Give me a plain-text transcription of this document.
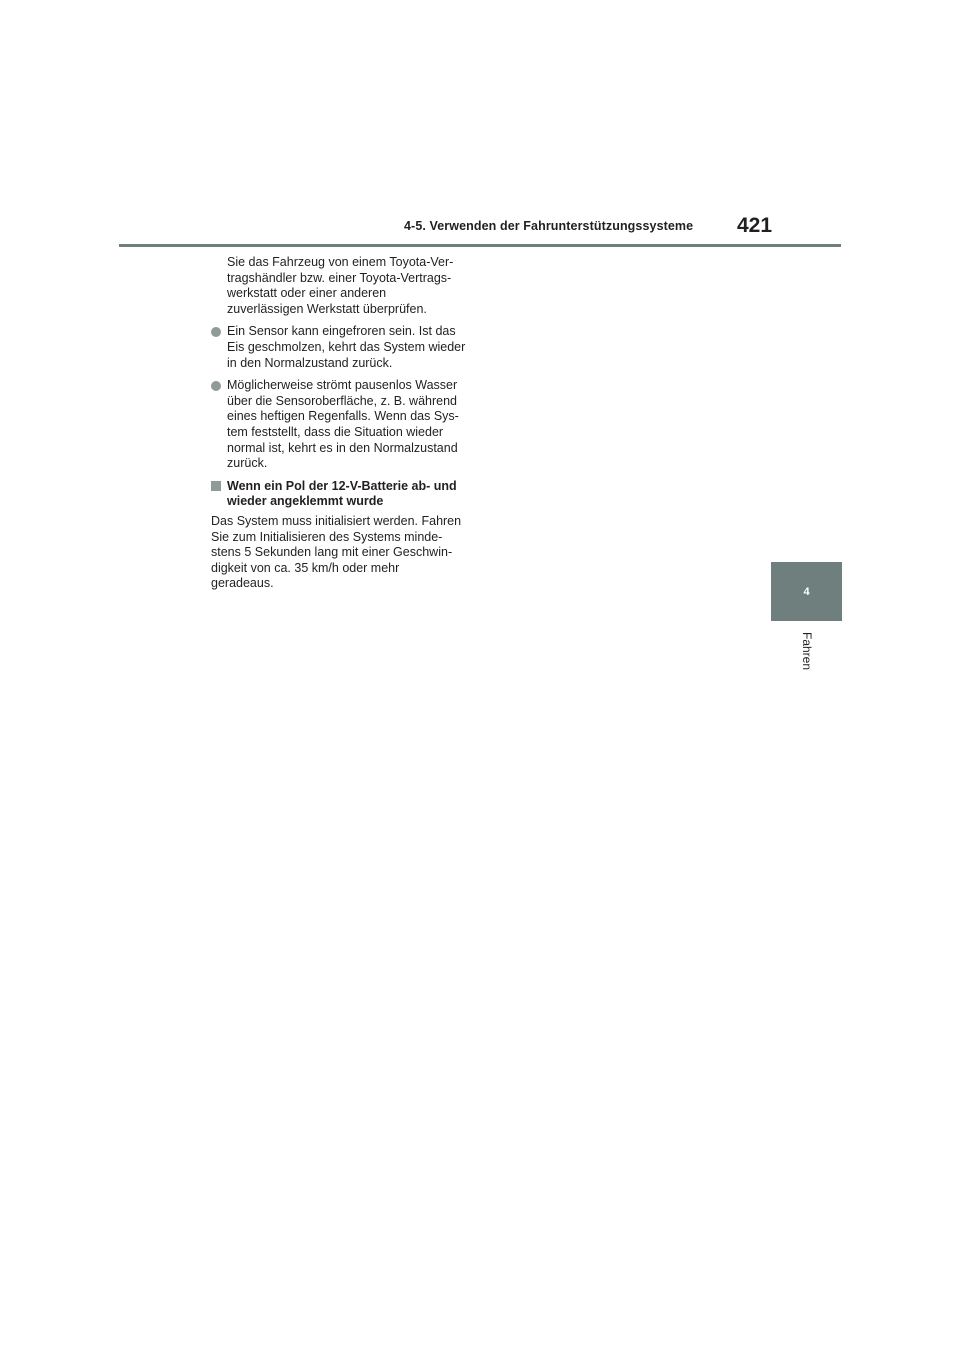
4-5. Verwenden der Fahrunterstützungssysteme 421
4
Fahren
Sie das Fahrzeug von einem Toyota-Ver-
tragshändler bzw. einer Toyota-Vertrags-
werkstatt oder einer anderen
zuverlässigen Werkstatt überprüfen.
Ein Sensor kann eingefroren sein. Ist das
Eis geschmolzen, kehrt das System wieder
in den Normalzustand zurück.
Möglicherweise strömt pausenlos Wasser
über die Sensoroberfläche, z. B. während
eines heftigen Regenfalls. Wenn das Sys-
tem feststellt, dass die Situation wieder
normal ist, kehrt es in den Normalzustand
zurück.
Wenn ein Pol der 12-V-Batterie ab- und
wieder angeklemmt wurde
Das System muss initialisiert werden. Fahren
Sie zum Initialisieren des Systems minde-
stens 5 Sekunden lang mit einer Geschwin-
digkeit von ca. 35 km/h oder mehr
geradeaus.
